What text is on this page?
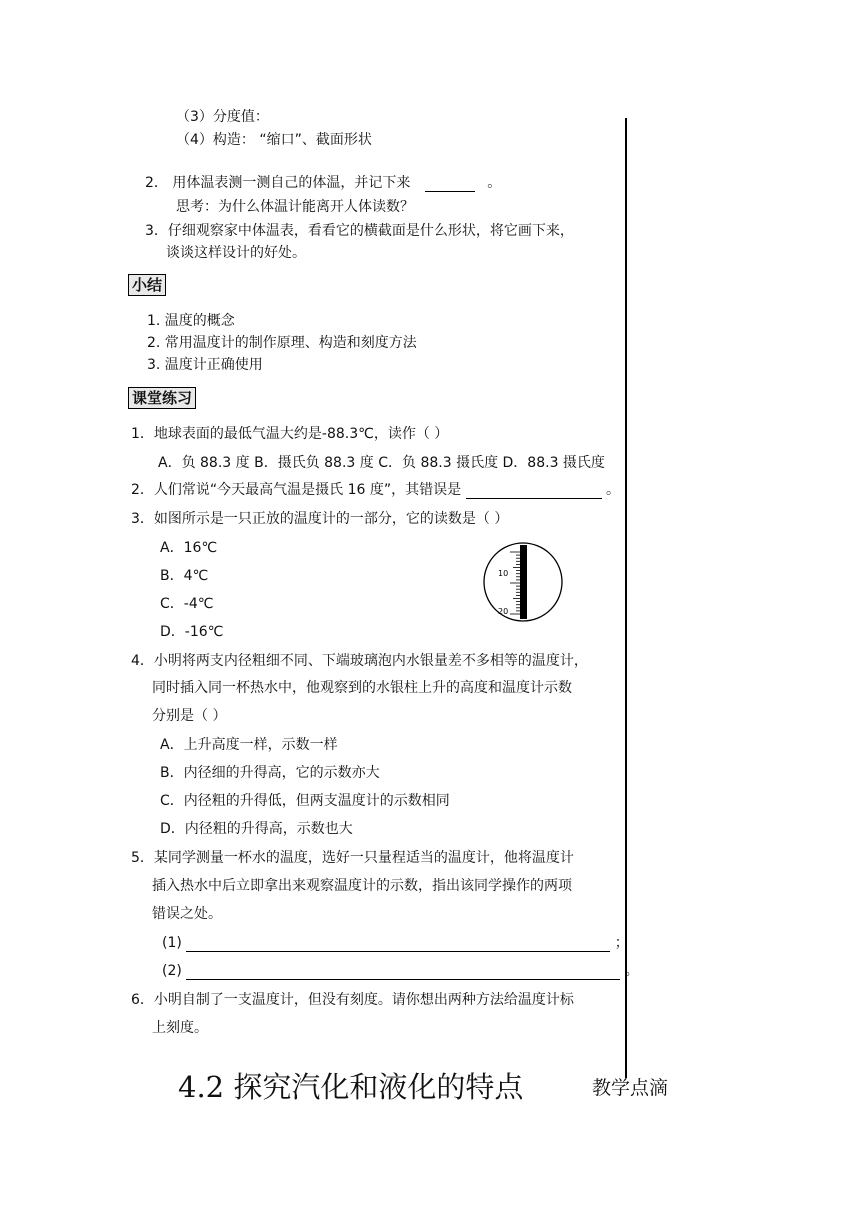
（3）分度值：
（4）构造： “缩口”、截面形状
2． 用体温表测一测自己的体温，并记下来	。
思考：为什么体温计能离开人体读数？
3．仔细观察家中体温表，看看它的横截面是什么形状，将它画下来，
谈谈这样设计的好处。
小结
1. 温度的概念
2. 常用温度计的制作原理、构造和刻度方法
3. 温度计正确使用
课堂练习
1．地球表面的最低气温大约是-88.3℃，读作（ ）
A．负 88.3 度 B．摄氏负 88.3 度 C．负 88.3 摄氏度 D．88.3 摄氏度
2．人们常说“今天最高气温是摄氏 16 度”，其错误是	。
3．如图所示是一只正放的温度计的一部分，它的读数是（ ）
A．16℃
B．4℃
C．-4℃
D．-16℃
10
20
4．小明将两支内径粗细不同、下端玻璃泡内水银量差不多相等的温度计，
同时插入同一杯热水中，他观察到的水银柱上升的高度和温度计示数
分别是（ ）
A．上升高度一样，示数一样
B．内径细的升得高，它的示数亦大
C．内径粗的升得低，但两支温度计的示数相同
D．内径粗的升得高，示数也大
5．某同学测量一杯水的温度，选好一只量程适当的温度计，他将温度计
插入热水中后立即拿出来观察温度计的示数，指出该同学操作的两项
错误之处。
(1)	；
(2)	。
6．小明自制了一支温度计，但没有刻度。请你想出两种方法给温度计标
上刻度。
4.2 探究汽化和液化的特点	教学点滴
